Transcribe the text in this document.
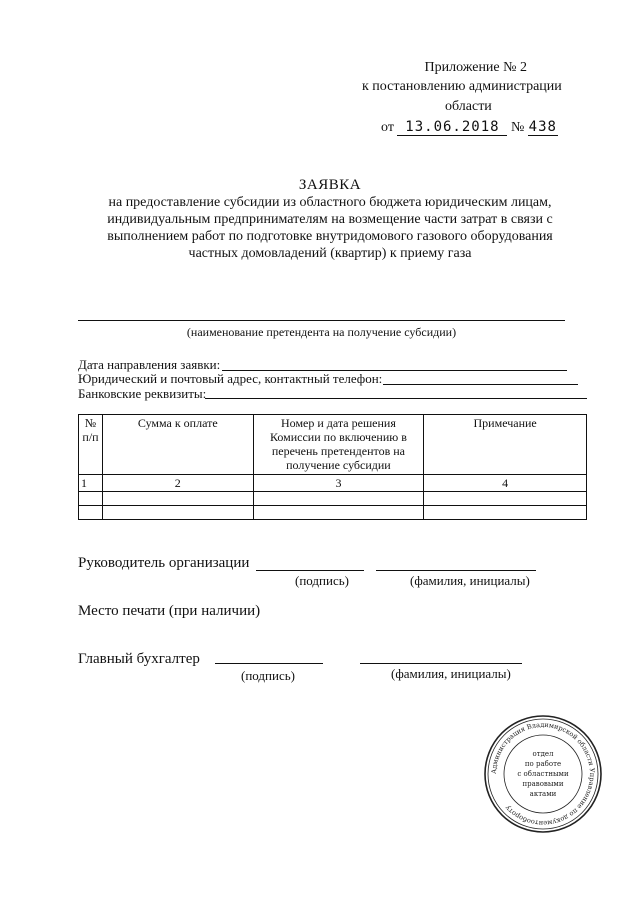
Приложение № 2
к постановлению администрации
области
от 13.06.2018 № 438
ЗАЯВКА
на предоставление субсидии из областного бюджета юридическим лицам,
индивидуальным предпринимателям на возмещение части затрат в связи с
выполнением работ по подготовке внутридомового газового оборудования
частных домовладений (квартир) к приему газа
(наименование претендента на получение субсидии)
Дата направления заявки:
Юридический и почтовый адрес, контактный телефон:
Банковские реквизиты:
№ п/п	Сумма к оплате	Номер и дата решения Комиссии по включению в перечень претендентов на получение субсидии	Примечание
1	2	3	4

Руководитель организации
(подпись)	(фамилия, инициалы)
Место печати (при наличии)
Главный бухгалтер
(подпись)	(фамилия, инициалы)
Администрация Владимирской области Управление по документообороту
отдел
по работе
с областными
правовыми
актами
